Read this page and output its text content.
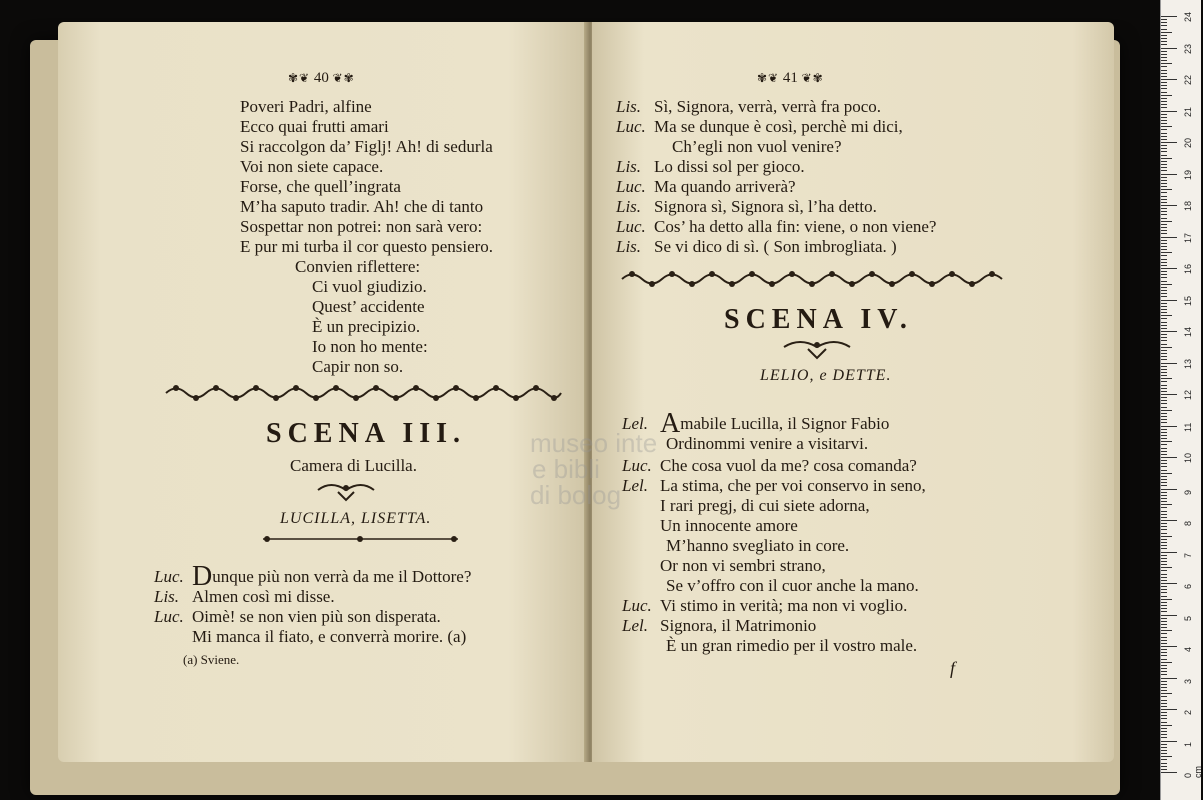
✾❦ 40 ❦✾
Poveri Padri, alfine
Ecco quai frutti amari
Si raccolgon da’ Figlj! Ah! di sedurla
Voi non siete capace.
Forse, che quell’ingrata
M’ha saputo tradir. Ah! che di tanto
Sospettar non potrei: non sarà vero:
E pur mi turba il cor questo pensiero.
Convien riflettere:
Ci vuol giudizio.
Quest’ accidente
È un precipizio.
Io non ho mente:
Capir non so.
SCENA III.
Camera di Lucilla.
LUCILLA, LISETTA.
Luc. Dunque più non verrà da me il Dottore?
Lis. Almen così mi disse.
Luc. Oimè! se non vien più son disperata.
Mi manca il fiato, e converrà morire. (a)
(a) Sviene.
✾❦ 41 ❦✾
Lis. Sì, Signora, verrà, verrà fra poco.
Luc. Ma se dunque è così, perchè mi dici,
Ch’egli non vuol venire?
Lis. Lo dissi sol per gioco.
Luc. Ma quando arriverà?
Lis. Signora sì, Signora sì, l’ha detto.
Luc. Cos’ ha detto alla fin: viene, o non viene?
Lis. Se vi dico di sì. ( Son imbrogliata. )
SCENA IV.
LELIO, e DETTE.
Lel. Amabile Lucilla, il Signor Fabio
Ordinommi venire a visitarvi.
Luc. Che cosa vuol da me? cosa comanda?
Lel. La stima, che per voi conservo in seno,
I rari pregj, di cui siete adorna,
Un innocente amore
M’hanno svegliato in core.
Or non vi sembri strano,
Se v’offro con il cuor anche la mano.
Luc. Vi stimo in verità; ma non vi voglio.
Lel. Signora, il Matrimonio
È un gran rimedio per il vostro male.
f
museo inte
e bibli
di bolog
24
23
22
21
20
19
18
17
16
15
14
13
12
11
10
9
8
7
6
5
4
3
2
1
0 cm
